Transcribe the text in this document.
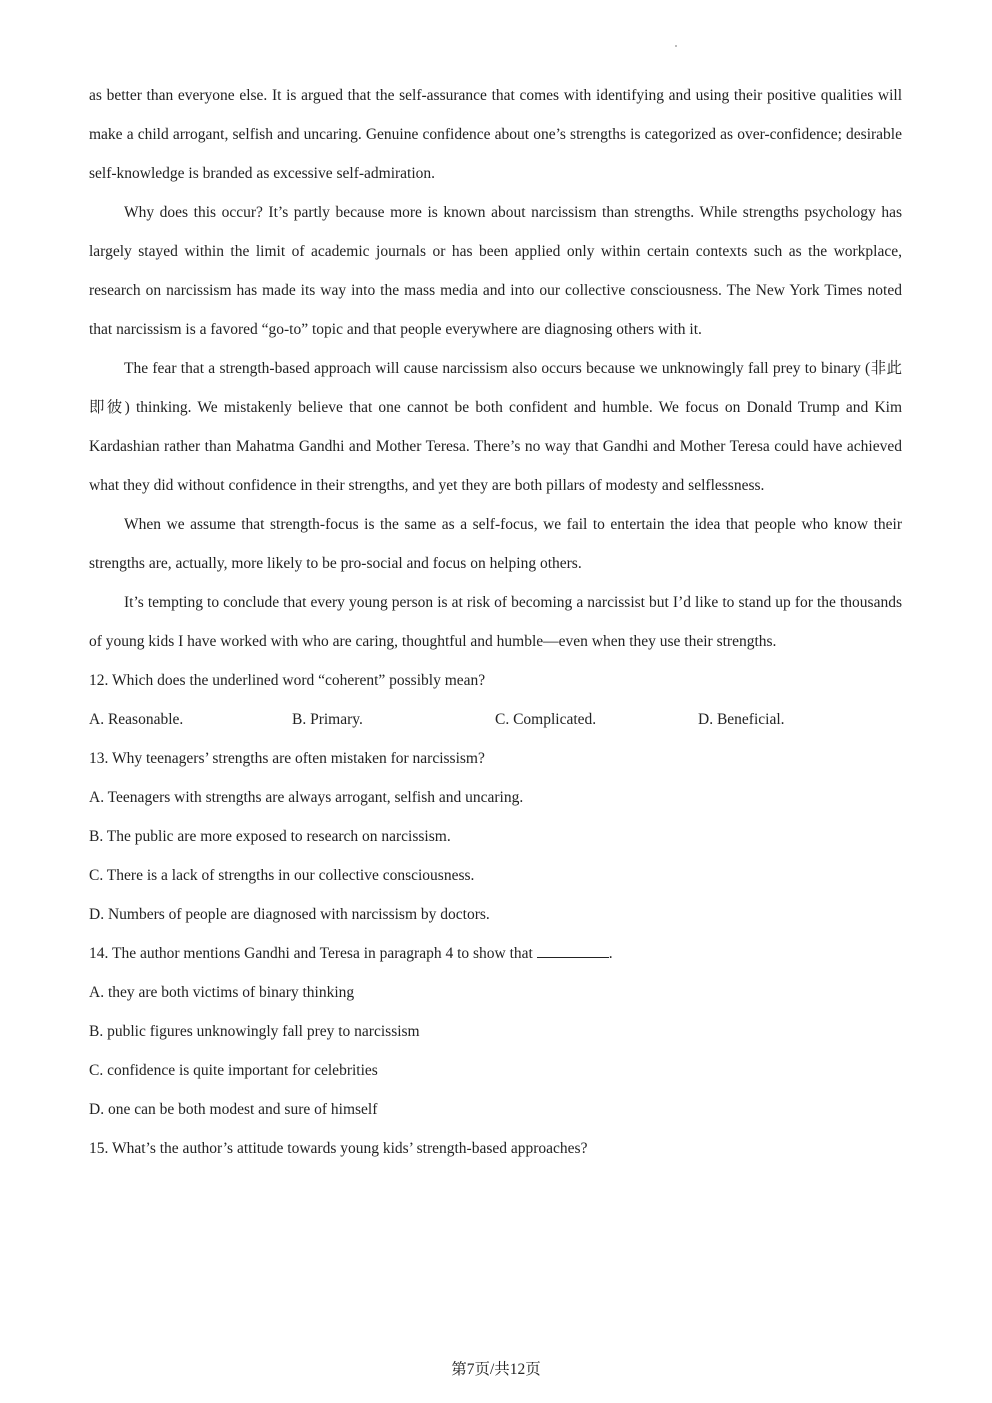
as better than everyone else. It is argued that the self-assurance that comes with identifying and using their positive qualities will make a child arrogant, selfish and uncaring. Genuine confidence about one’s strengths is categorized as over-confidence; desirable self-knowledge is branded as excessive self-admiration.

Why does this occur? It’s partly because more is known about narcissism than strengths. While strengths psychology has largely stayed within the limit of academic journals or has been applied only within certain contexts such as the workplace, research on narcissism has made its way into the mass media and into our collective consciousness. The New York Times noted that narcissism is a favored “go-to” topic and that people everywhere are diagnosing others with it.

The fear that a strength-based approach will cause narcissism also occurs because we unknowingly fall prey to binary (非此即彼) thinking. We mistakenly believe that one cannot be both confident and humble. We focus on Donald Trump and Kim Kardashian rather than Mahatma Gandhi and Mother Teresa. There’s no way that Gandhi and Mother Teresa could have achieved what they did without confidence in their strengths, and yet they are both pillars of modesty and selflessness.

When we assume that strength-focus is the same as a self-focus, we fail to entertain the idea that people who know their strengths are, actually, more likely to be pro-social and focus on helping others.

It’s tempting to conclude that every young person is at risk of becoming a narcissist but I’d like to stand up for the thousands of young kids I have worked with who are caring, thoughtful and humble—even when they use their strengths.

12. Which does the underlined word “coherent” possibly mean?

A. Reasonable.	B. Primary.	C. Complicated.	D. Beneficial.

13. Why teenagers’ strengths are often mistaken for narcissism?

A. Teenagers with strengths are always arrogant, selfish and uncaring.

B. The public are more exposed to research on narcissism.

C. There is a lack of strengths in our collective consciousness.

D. Numbers of people are diagnosed with narcissism by doctors.

14. The author mentions Gandhi and Teresa in paragraph 4 to show that	.

A. they are both victims of binary thinking

B. public figures unknowingly fall prey to narcissism

C. confidence is quite important for celebrities

D. one can be both modest and sure of himself

15. What’s the author’s attitude towards young kids’ strength-based approaches?

第7页/共12页
